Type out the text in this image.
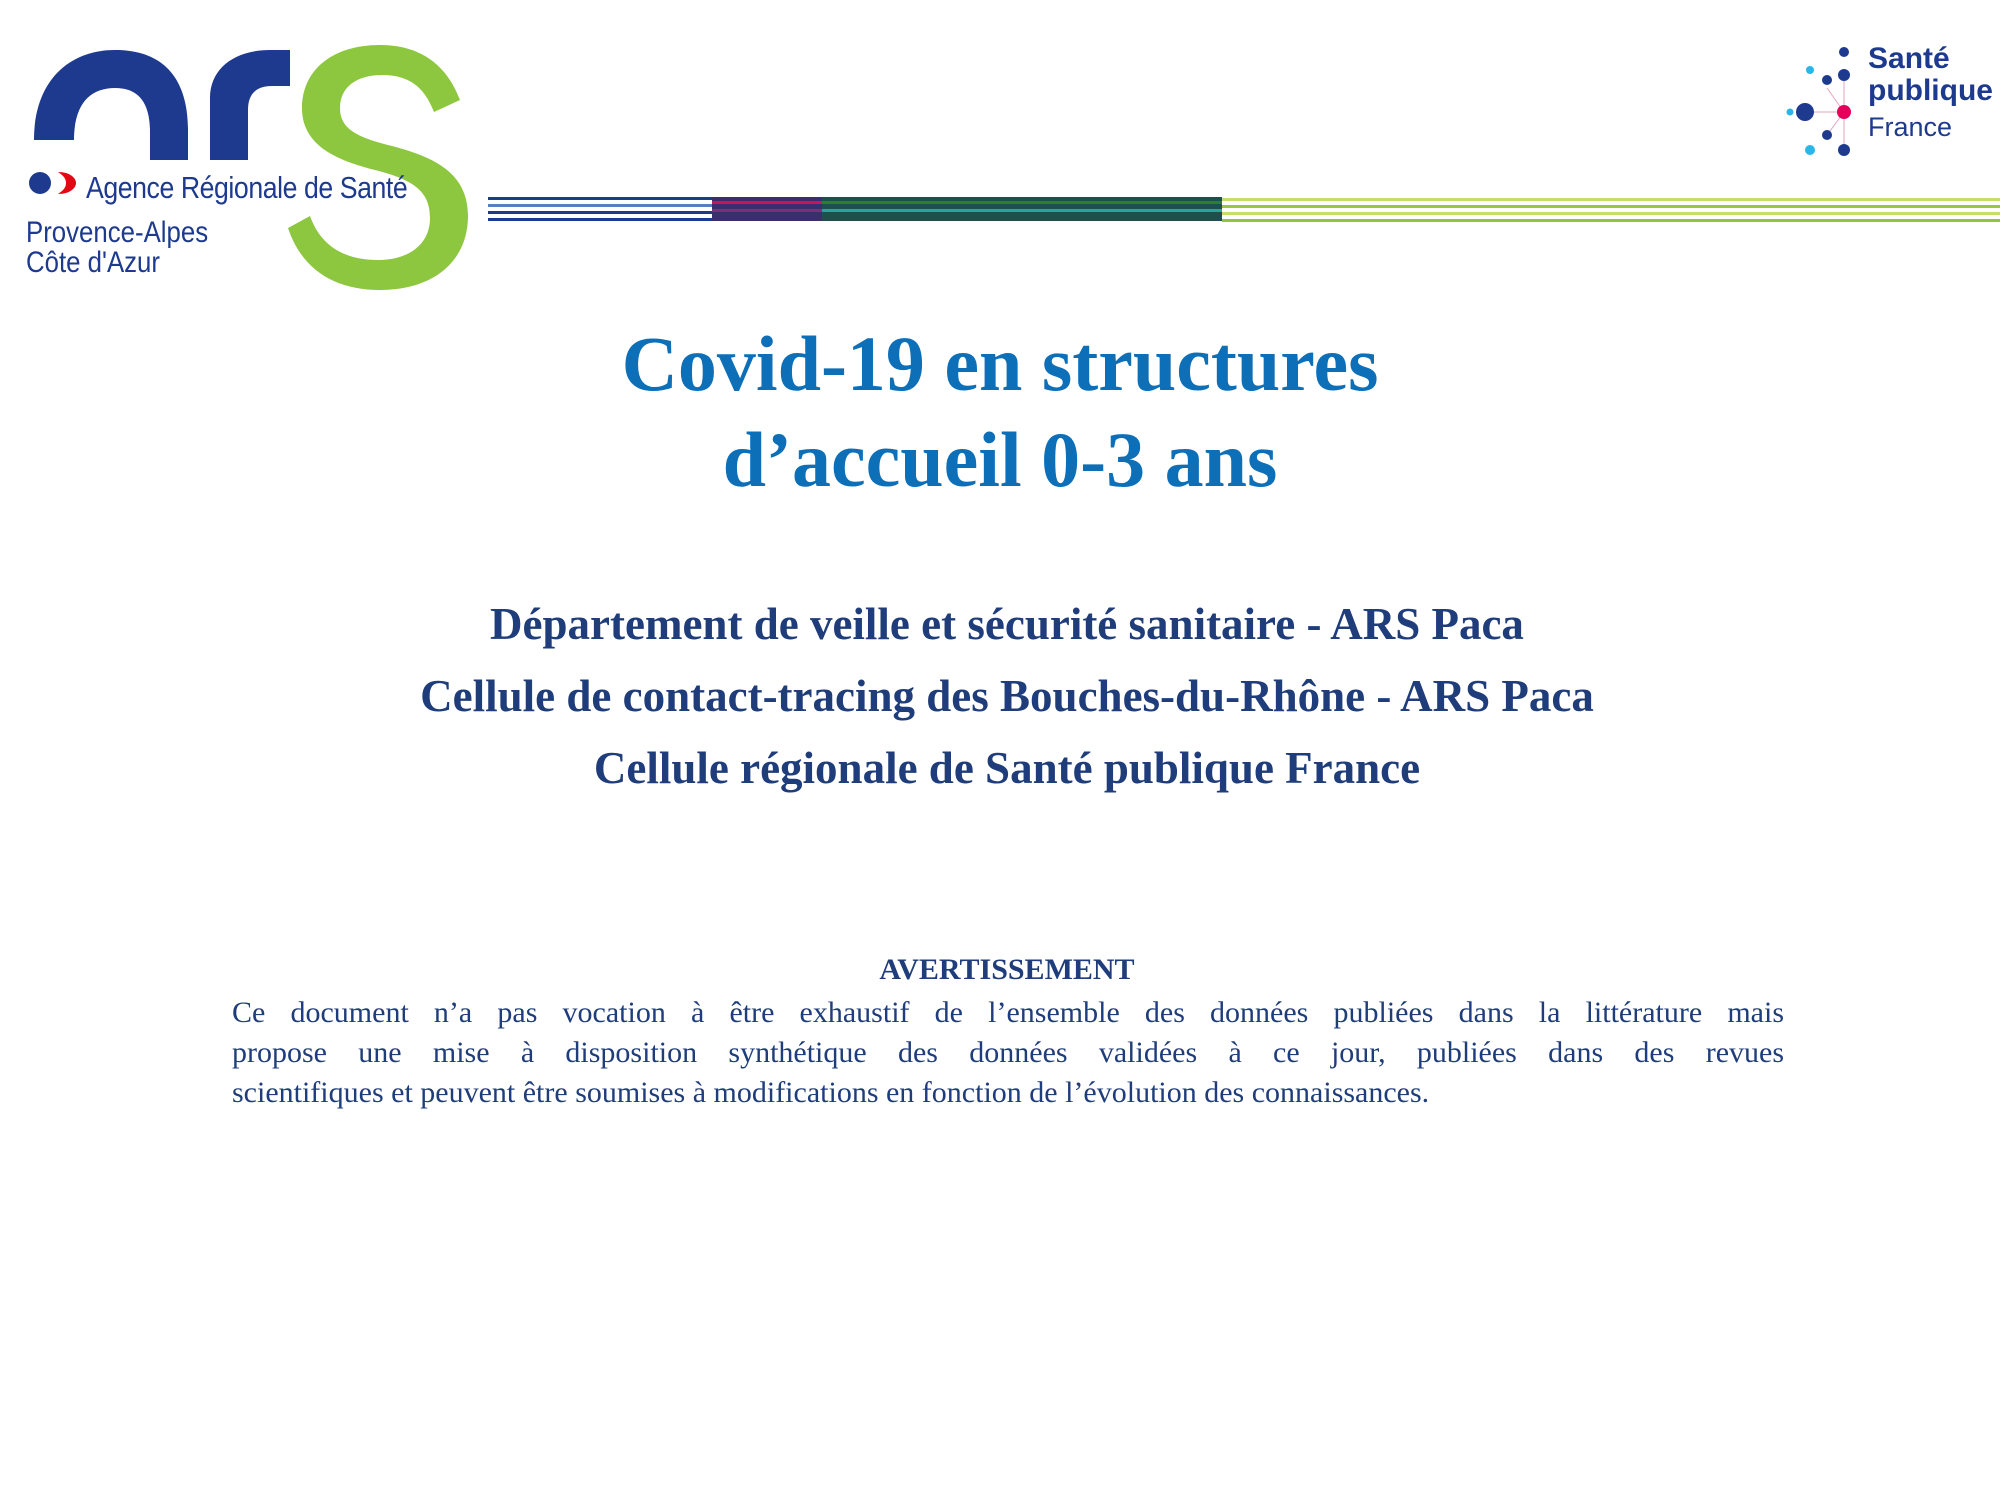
Agence Régionale de Santé
Provence-Alpes
Côte d'Azur
Santé
publique
France
Covid-19 en structures
d’accueil 0-3 ans
Département de veille et sécurité sanitaire - ARS Paca
Cellule de contact-tracing des Bouches-du-Rhône - ARS Paca
Cellule régionale de Santé publique France
AVERTISSEMENT
Ce document n’a pas vocation à être exhaustif de l’ensemble des données publiées dans la littérature mais
propose une mise à disposition synthétique des données validées à ce jour, publiées dans des revues
scientifiques et peuvent être soumises à modifications en fonction de l’évolution des connaissances.
